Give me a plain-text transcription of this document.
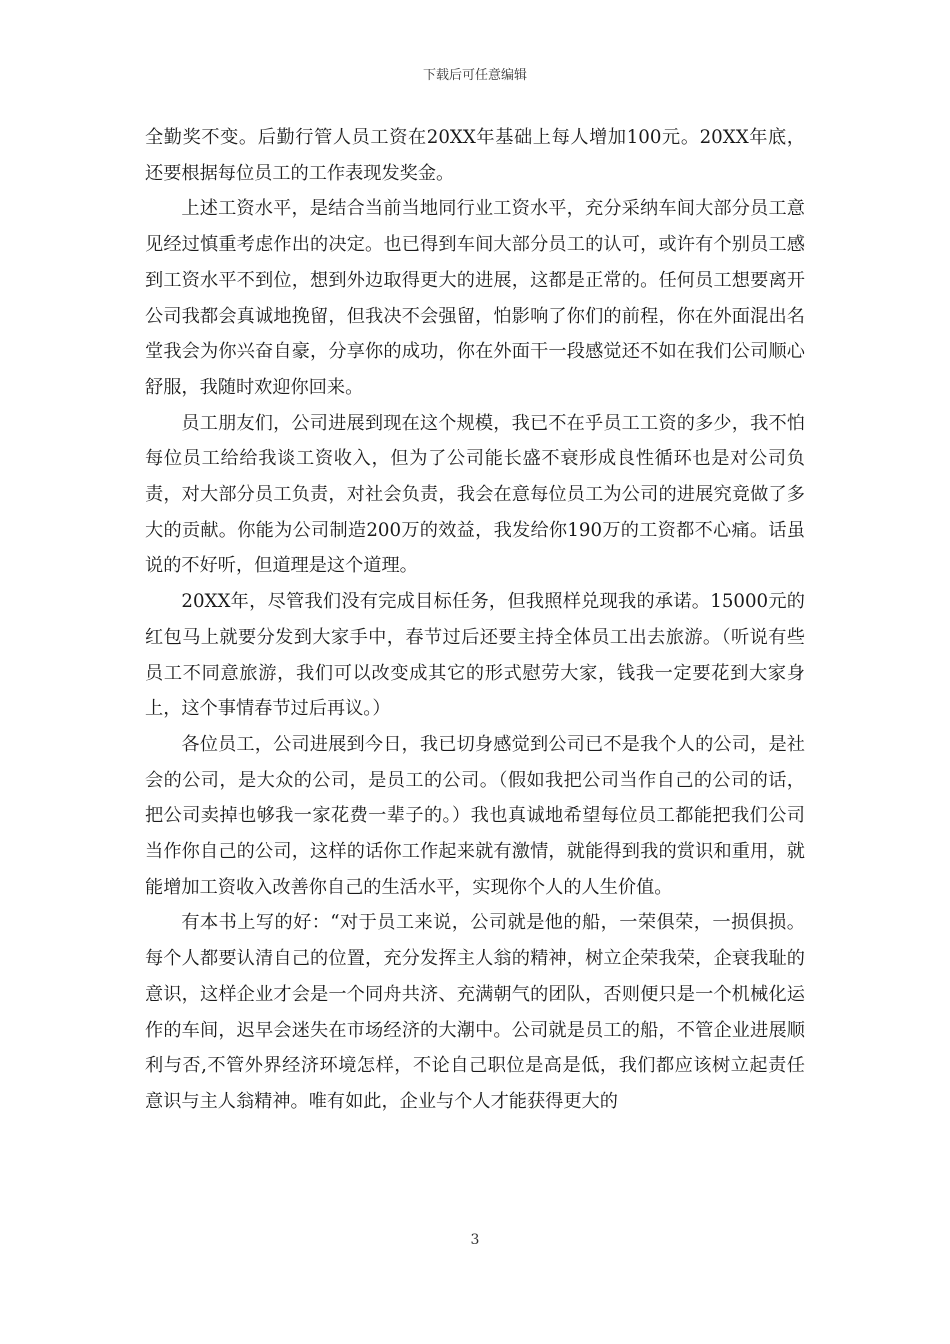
下载后可任意编辑

全勤奖不变。后勤行管人员工资在20XX年基础上每人增加100元。20XX年底，还要根据每位员工的工作表现发奖金。

上述工资水平，是结合当前当地同行业工资水平，充分采纳车间大部分员工意见经过慎重考虑作出的决定。也已得到车间大部分员工的认可，或许有个别员工感到工资水平不到位，想到外边取得更大的进展，这都是正常的。任何员工想要离开公司我都会真诚地挽留，但我决不会强留，怕影响了你们的前程，你在外面混出名堂我会为你兴奋自豪，分享你的成功，你在外面干一段感觉还不如在我们公司顺心舒服，我随时欢迎你回来。

员工朋友们，公司进展到现在这个规模，我已不在乎员工工资的多少，我不怕每位员工给给我谈工资收入，但为了公司能长盛不衰形成良性循环也是对公司负责，对大部分员工负责，对社会负责，我会在意每位员工为公司的进展究竟做了多大的贡献。你能为公司制造200万的效益，我发给你190万的工资都不心痛。话虽说的不好听，但道理是这个道理。

20XX年，尽管我们没有完成目标任务，但我照样兑现我的承诺。15000元的红包马上就要分发到大家手中，春节过后还要主持全体员工出去旅游。（听说有些员工不同意旅游，我们可以改变成其它的形式慰劳大家，钱我一定要花到大家身上，这个事情春节过后再议。）

各位员工，公司进展到今日，我已切身感觉到公司已不是我个人的公司，是社会的公司，是大众的公司，是员工的公司。（假如我把公司当作自己的公司的话，把公司卖掉也够我一家花费一辈子的。）我也真诚地希望每位员工都能把我们公司当作你自己的公司，这样的话你工作起来就有激情，就能得到我的赏识和重用，就能增加工资收入改善你自己的生活水平，实现你个人的人生价值。

有本书上写的好：“对于员工来说，公司就是他的船，一荣俱荣，一损俱损。每个人都要认清自己的位置，充分发挥主人翁的精神，树立企荣我荣，企衰我耻的意识，这样企业才会是一个同舟共济、充满朝气的团队，否则便只是一个机械化运作的车间，迟早会迷失在市场经济的大潮中。公司就是员工的船，不管企业进展顺利与否,不管外界经济环境怎样，不论自己职位是高是低，我们都应该树立起责任意识与主人翁精神。唯有如此，企业与个人才能获得更大的

3
